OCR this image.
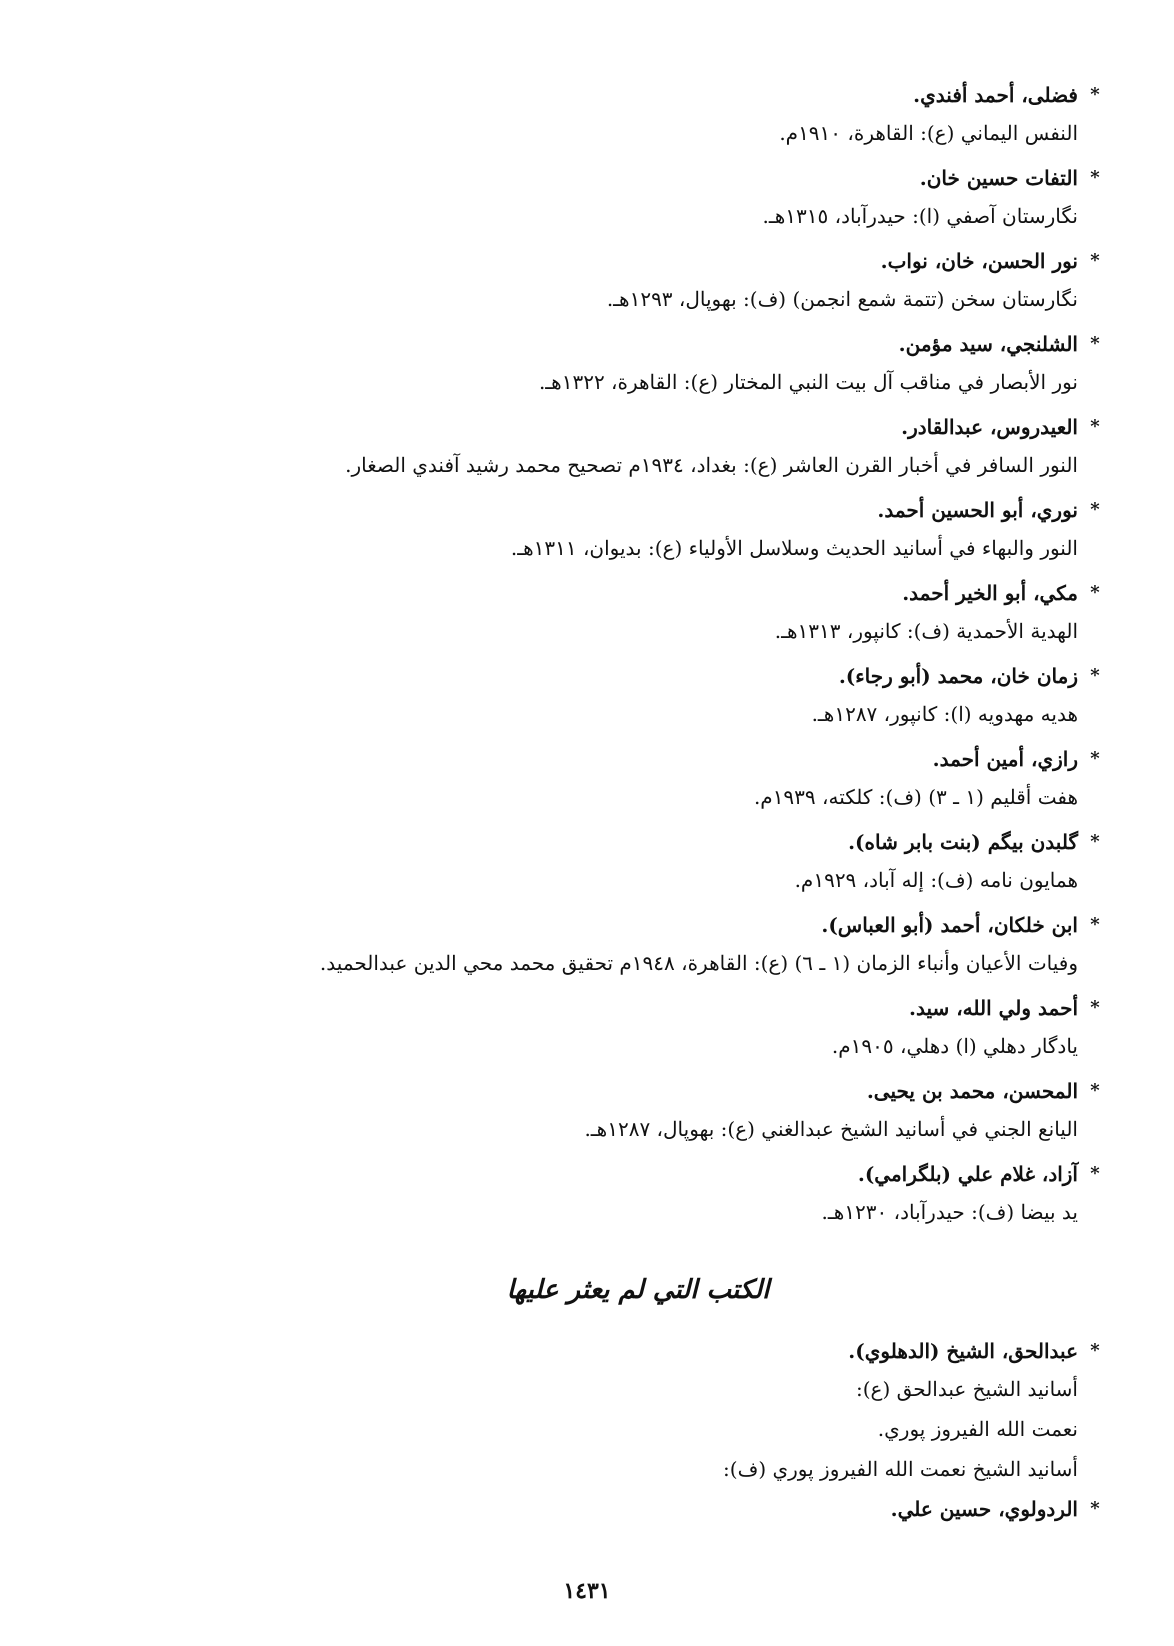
*
فضلى، أحمد أفندي.
النفس اليماني (ع): القاهرة، ١٩١٠م.
*
التفات حسين خان.
نگارستان آصفي (ا): حيدرآباد، ١٣١٥هـ.
*
نور الحسن، خان، نواب.
نگارستان سخن (تتمة شمع انجمن) (ف): بهوپال، ١٢٩٣هـ.
*
الشلنجي، سيد مؤمن.
نور الأبصار في مناقب آل بيت النبي المختار (ع): القاهرة، ١٣٢٢هـ.
*
العيدروس، عبدالقادر.
النور السافر في أخبار القرن العاشر (ع): بغداد، ١٩٣٤م تصحيح محمد رشيد آفندي الصغار.
*
نوري، أبو الحسين أحمد.
النور والبهاء في أسانيد الحديث وسلاسل الأولياء (ع): بديوان، ١٣١١هـ.
*
مكي، أبو الخير أحمد.
الهدية الأحمدية (ف): كانپور، ١٣١٣هـ.
*
زمان خان، محمد (أبو رجاء).
هديه مهدويه (ا): كانپور، ١٢٨٧هـ.
*
رازي، أمين أحمد.
هفت أقليم (١ ـ ٣) (ف): كلكته، ١٩٣٩م.
*
گلبدن بيگم (بنت بابر شاه).
همايون نامه (ف): إله آباد، ١٩٢٩م.
*
ابن خلكان، أحمد (أبو العباس).
وفيات الأعيان وأنباء الزمان (١ ـ ٦) (ع): القاهرة، ١٩٤٨م تحقيق محمد محي الدين عبدالحميد.
*
أحمد ولي الله، سيد.
يادگار دهلي (ا) دهلي، ١٩٠٥م.
*
المحسن، محمد بن يحيى.
اليانع الجني في أسانيد الشيخ عبدالغني (ع): بهوپال، ١٢٨٧هـ.
*
آزاد، غلام علي (بلگرامي).
يد بيضا (ف): حيدرآباد، ١٢٣٠هـ.
الكتب التي لم يعثر عليها
*
عبدالحق، الشيخ (الدهلوي).
أسانيد الشيخ عبدالحق (ع):
نعمت الله الفيروز پوري.
أسانيد الشيخ نعمت الله الفيروز پوري (ف):
*
الردولوي، حسين علي.
١٤٣١
